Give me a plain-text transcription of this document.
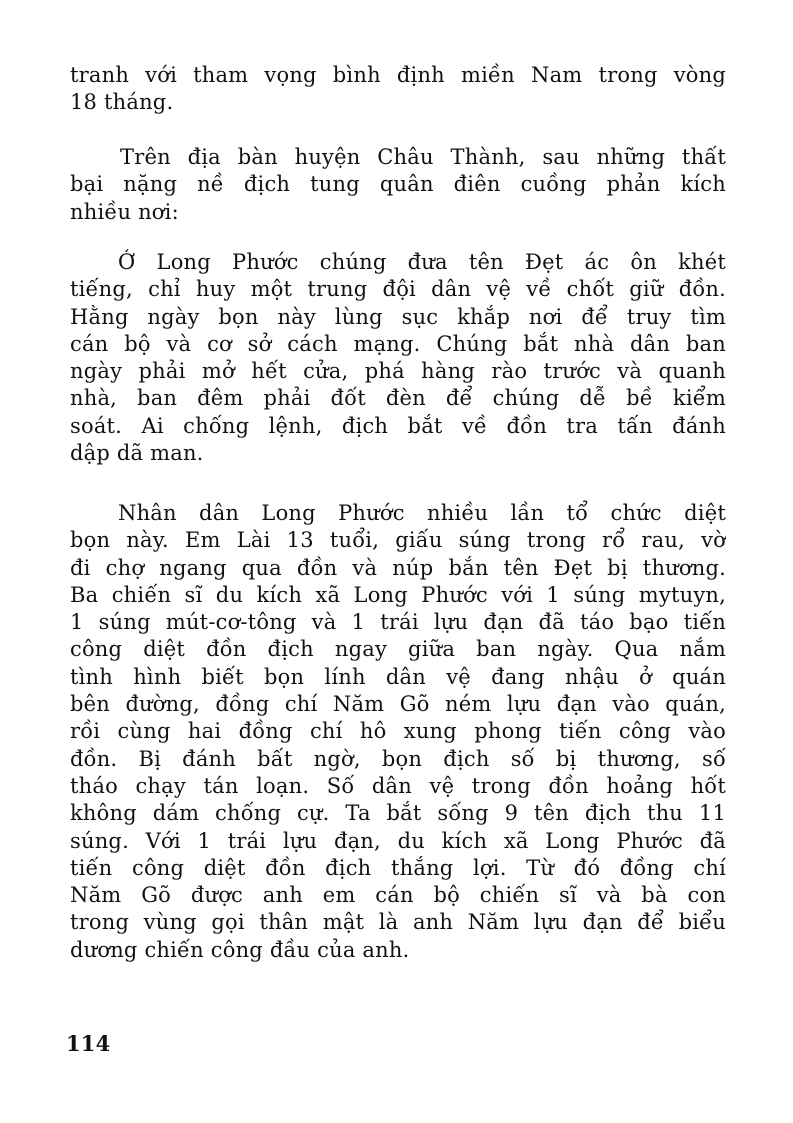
tranh với tham vọng bình định miền Nam trong vòng
18 tháng.
Trên địa bàn huyện Châu Thành, sau những thất
bại nặng nề địch tung quân điên cuồng phản kích
nhiều nơi:
Ở Long Phước chúng đưa tên Đẹt ác ôn khét
tiếng, chỉ huy một trung đội dân vệ về chốt giữ đồn.
Hằng ngày bọn này lùng sục khắp nơi để truy tìm
cán bộ và cơ sở cách mạng. Chúng bắt nhà dân ban
ngày phải mở hết cửa, phá hàng rào trước và quanh
nhà, ban đêm phải đốt đèn để chúng dễ bề kiểm
soát. Ai chống lệnh, địch bắt về đồn tra tấn đánh
dập dã man.
Nhân dân Long Phước nhiều lần tổ chức diệt
bọn này. Em Lài 13 tuổi, giấu súng trong rổ rau, vờ
đi chợ ngang qua đồn và núp bắn tên Đẹt bị thương.
Ba chiến sĩ du kích xã Long Phước với 1 súng mytuyn,
1 súng mút-cơ-tông và 1 trái lựu đạn đã táo bạo tiến
công diệt đồn địch ngay giữa ban ngày. Qua nắm
tình hình biết bọn lính dân vệ đang nhậu ở quán
bên đường, đồng chí Năm Gõ ném lựu đạn vào quán,
rồi cùng hai đồng chí hô xung phong tiến công vào
đồn. Bị đánh bất ngờ, bọn địch số bị thương, số
tháo chạy tán loạn. Số dân vệ trong đồn hoảng hốt
không dám chống cự. Ta bắt sống 9 tên địch thu 11
súng. Với 1 trái lựu đạn, du kích xã Long Phước đã
tiến công diệt đồn địch thắng lợi. Từ đó đồng chí
Năm Gõ được anh em cán bộ chiến sĩ và bà con
trong vùng gọi thân mật là anh Năm lựu đạn để biểu
dương chiến công đầu của anh.
114
